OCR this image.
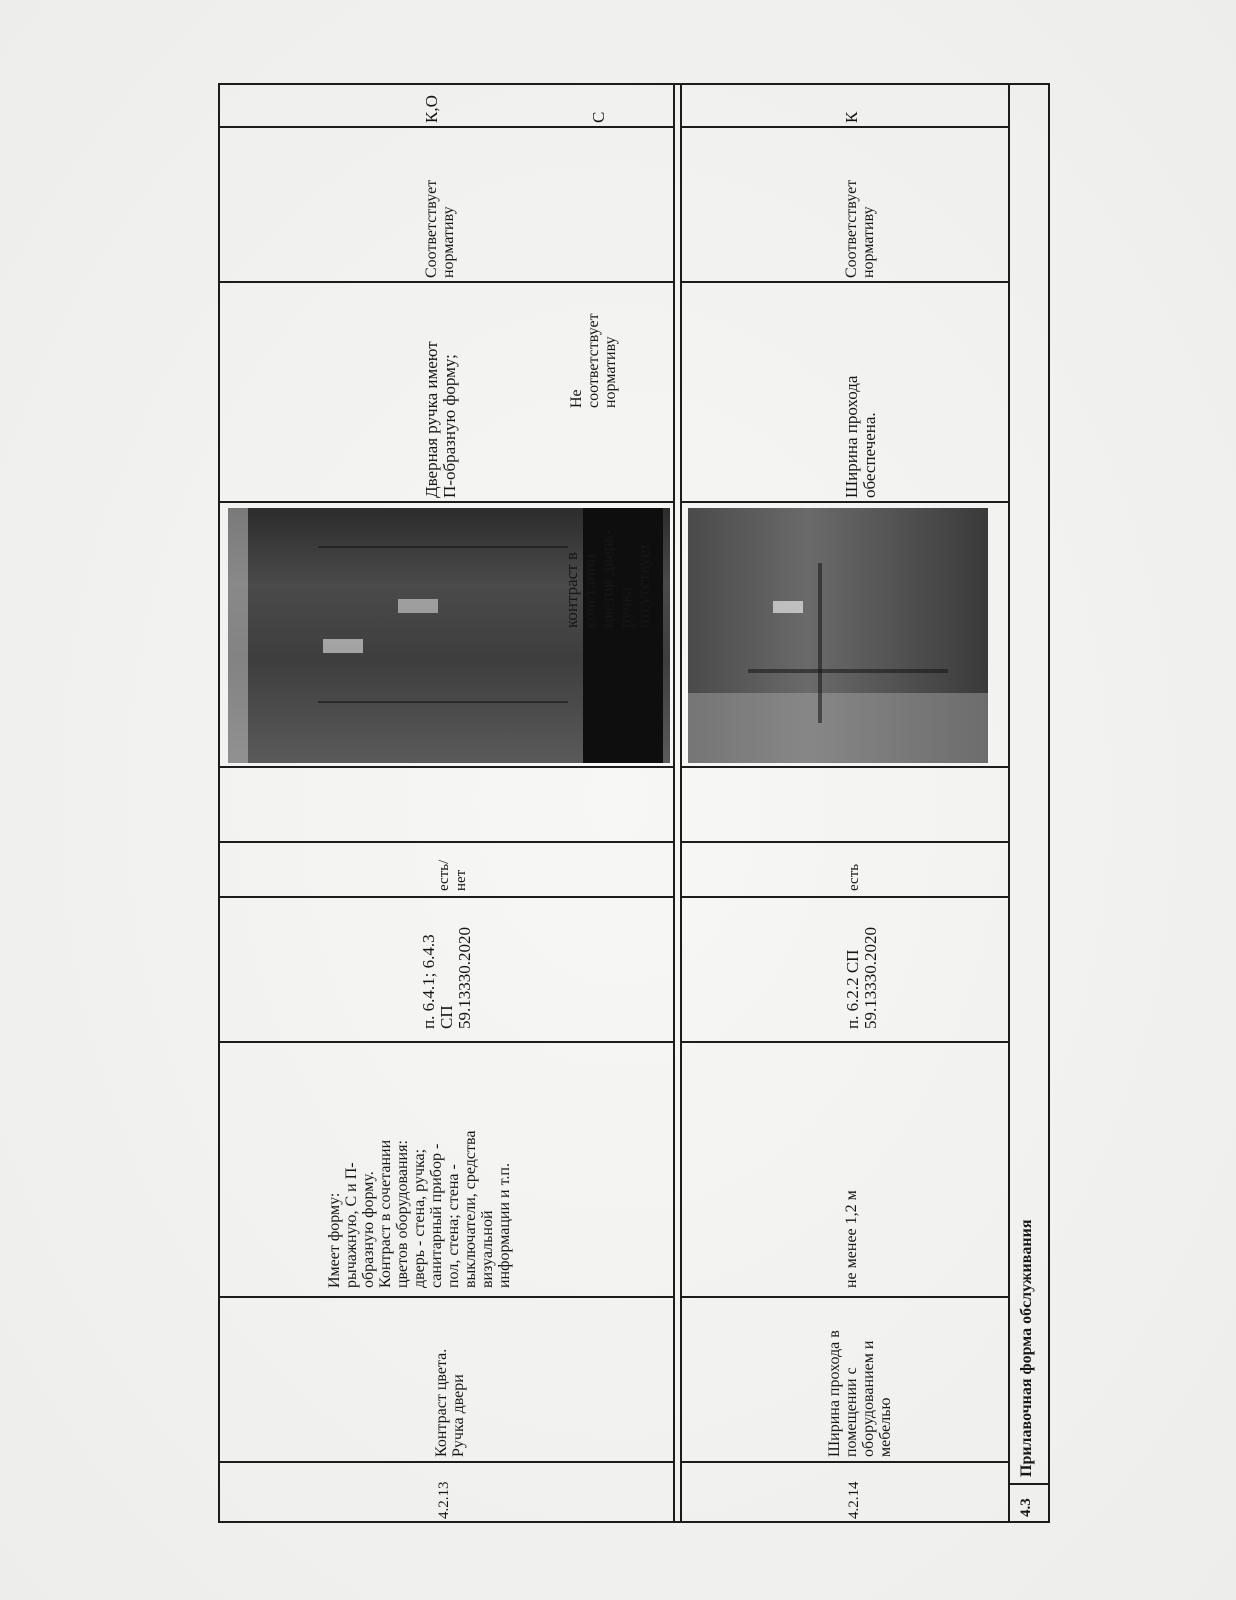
4.2.13
Контраст цвета.
Ручка двери
Имеет форму:
рычажную, С и П-
образную форму.
Контраст в сочетании
цветов оборудования:
дверь - стена, ручка;
санитарный прибор -
пол, стена; стена -
выключатели, средства
визуальной
информации и т.п.
п. 6.4.1; 6.4.3
СП
59.13330.2020
есть/
нет
Дверная ручка имеют
П-образную форму;
Соответствует
нормативу
К,О
контраст в сочетании
цветов дверь-ручка
отсутствует
Не
соответствует
нормативу
С
4.2.14
Ширина прохода в
помещении с
оборудованием и
мебелью
не менее 1,2 м
п. 6.2.2 СП
59.13330.2020
есть
Ширина прохода
обеспечена.
Соответствует
нормативу
К
4.3
Прилавочная форма обслуживания
